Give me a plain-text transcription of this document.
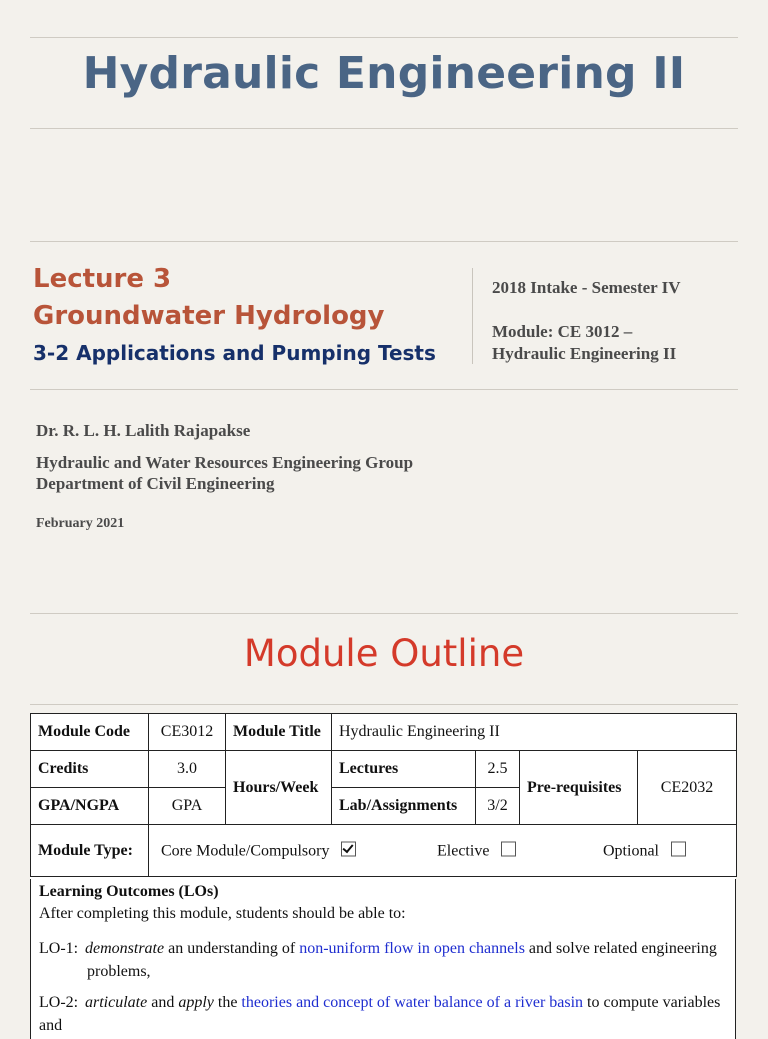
Hydraulic Engineering II
Lecture 3
Groundwater Hydrology
3-2 Applications and Pumping Tests
2018 Intake - Semester IV
Module: CE 3012 –
Hydraulic Engineering II
Dr. R. L. H. Lalith Rajapakse
Hydraulic and Water Resources Engineering Group
Department of Civil Engineering
February 2021
Module Outline
Module Code	CE3012	Module Title	Hydraulic Engineering II			
Credits	3.0	Hours/Week	Lectures	2.5	Pre-requisites	CE2032
GPA/NGPA	GPA		Lab/Assignments	3/2		
Module Type:	Core Module/Compulsory Elective Optional					
Learning Outcomes (LOs)
After completing this module, students should be able to:
LO-1: demonstrate an understanding of non-uniform flow in open channels and solve related engineering
problems,
LO-2: articulate and apply the theories and concept of water balance of a river basin to compute variables and
